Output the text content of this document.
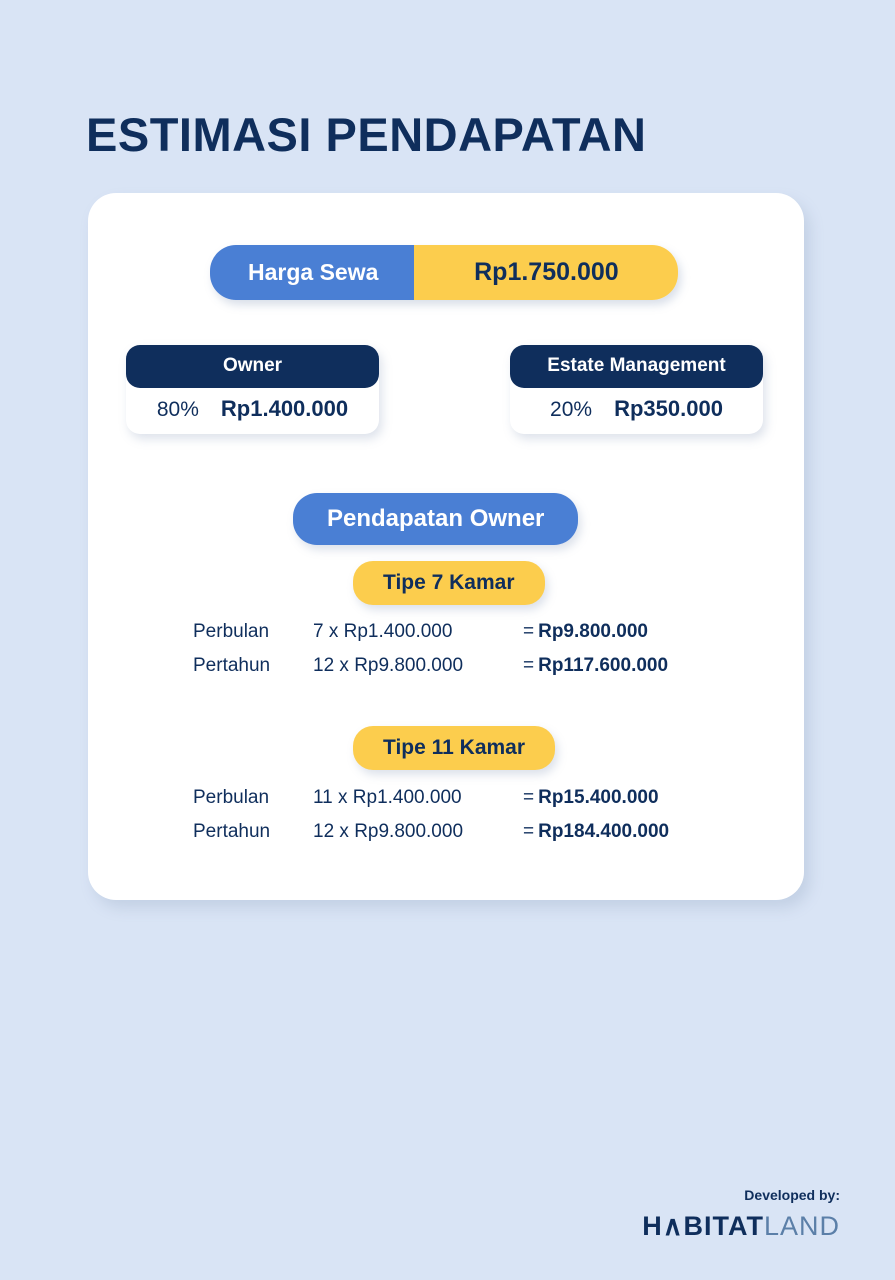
ESTIMASI PENDAPATAN
Harga Sewa	Rp1.750.000
Owner
80% Rp1.400.000
Estate Management
20% Rp350.000
Pendapatan Owner
Tipe 7 Kamar
Perbulan	7 x Rp1.400.000	= Rp9.800.000
Pertahun	12 x Rp9.800.000	= Rp117.600.000
Tipe 11 Kamar
Perbulan	11 x Rp1.400.000	= Rp15.400.000
Pertahun	12 x Rp9.800.000	= Rp184.400.000
Developed by:
H∧BITATLAND
